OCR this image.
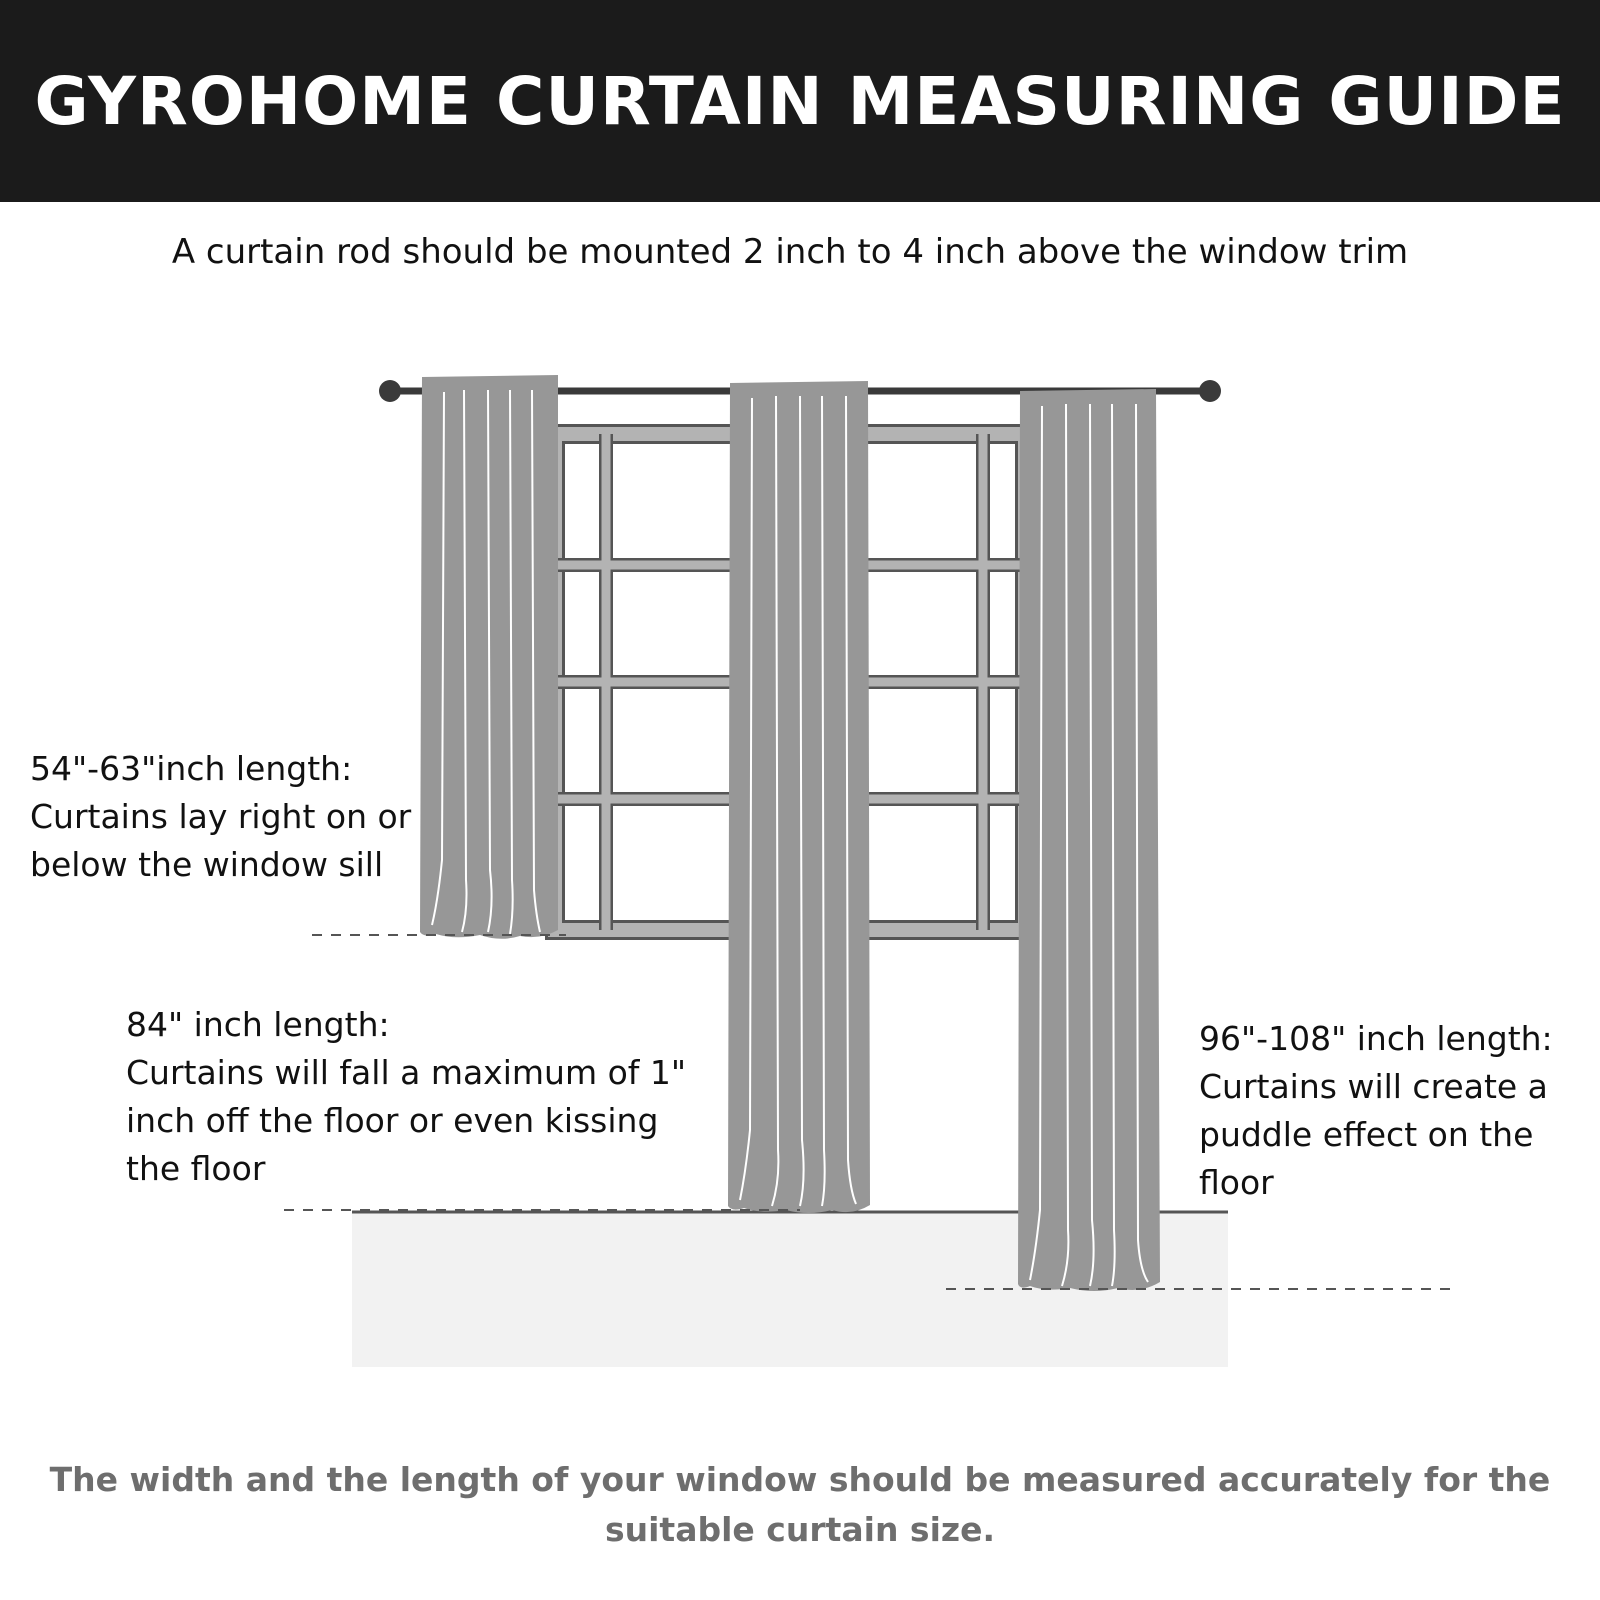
GYROHOME CURTAIN MEASURING GUIDE
A curtain rod should be mounted 2 inch to 4 inch above the window trim
54"-63"inch length:
Curtains lay right on or
below the window sill
84" inch length:
Curtains will fall a maximum of 1"
inch off the floor or even kissing
the floor
96"-108" inch length:
Curtains will create a
puddle effect on the
floor
The width and the length of your window should be measured accurately for the
suitable curtain size.
